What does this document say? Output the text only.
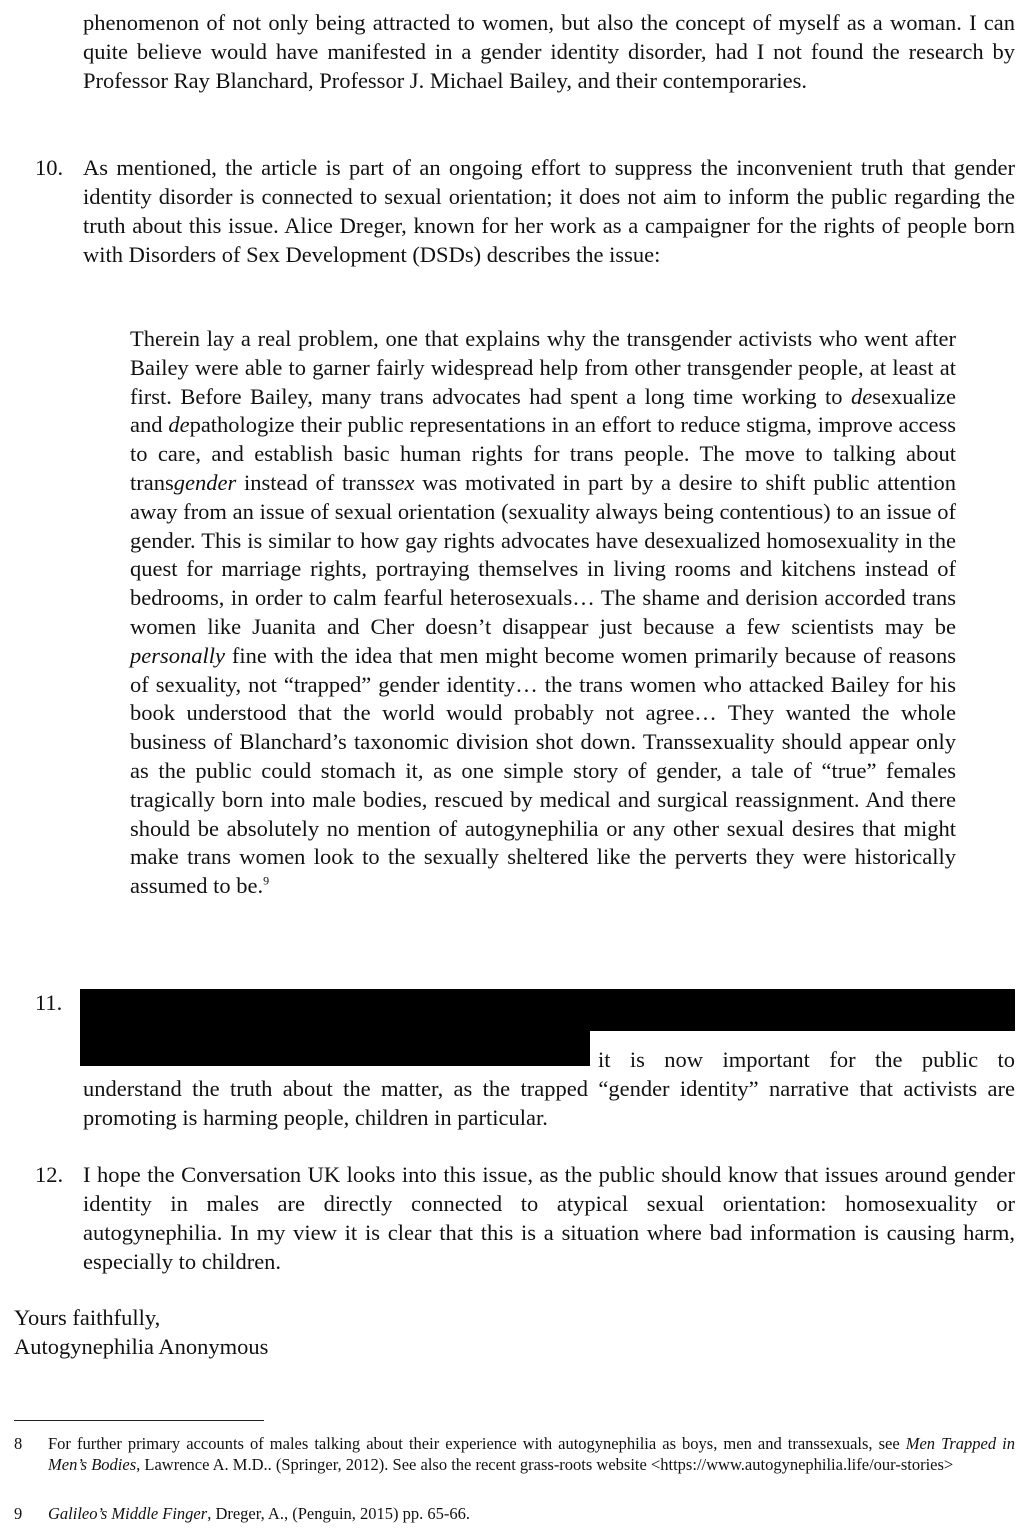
phenomenon of not only being attracted to women, but also the concept of myself as a woman. I can quite believe would have manifested in a gender identity disorder, had I not found the research by Professor Ray Blanchard, Professor J. Michael Bailey, and their contemporaries.

10. As mentioned, the article is part of an ongoing effort to suppress the inconvenient truth that gender identity disorder is connected to sexual orientation; it does not aim to inform the public regarding the truth about this issue. Alice Dreger, known for her work as a campaigner for the rights of people born with Disorders of Sex Development (DSDs) describes the issue:

Therein lay a real problem, one that explains why the transgender activists who went after Bailey were able to garner fairly widespread help from other transgender people, at least at first. Before Bailey, many trans advocates had spent a long time working to desexualize and depathologize their public representations in an effort to reduce stigma, improve access to care, and establish basic human rights for trans people. The move to talking about transgender instead of transsex was motivated in part by a desire to shift public attention away from an issue of sexual orientation (sexuality always being contentious) to an issue of gender. This is similar to how gay rights advocates have desexualized homosexuality in the quest for marriage rights, portraying themselves in living rooms and kitchens instead of bedrooms, in order to calm fearful heterosexuals… The shame and derision accorded trans women like Juanita and Cher doesn’t disappear just because a few scientists may be personally fine with the idea that men might become women primarily because of reasons of sexuality, not “trapped” gender identity… the trans women who attacked Bailey for his book understood that the world would probably not agree… They wanted the whole business of Blanchard’s taxonomic division shot down. Transsexuality should appear only as the public could stomach it, as one simple story of gender, a tale of “true” females tragically born into male bodies, rescued by medical and surgical reassignment. And there should be absolutely no mention of autogynephilia or any other sexual desires that might make trans women look to the sexually sheltered like the perverts they were historically assumed to be.$^9$

11.

it is now important for the public to

understand the truth about the matter, as the trapped “gender identity” narrative that activists are promoting is harming people, children in particular.

12. I hope the Conversation UK looks into this issue, as the public should know that issues around gender identity in males are directly connected to atypical sexual orientation: homosexuality or autogynephilia. In my view it is clear that this is a situation where bad information is causing harm, especially to children.

Yours faithfully,
Autogynephilia Anonymous
8 For further primary accounts of males talking about their experience with autogynephilia as boys, men and transsexuals, see Men Trapped in Men’s Bodies, Lawrence A. M.D.. (Springer, 2012). See also the recent grass-roots website <https://www.autogynephilia.life/our-stories>

9 Galileo’s Middle Finger, Dreger, A., (Penguin, 2015) pp. 65-66.
